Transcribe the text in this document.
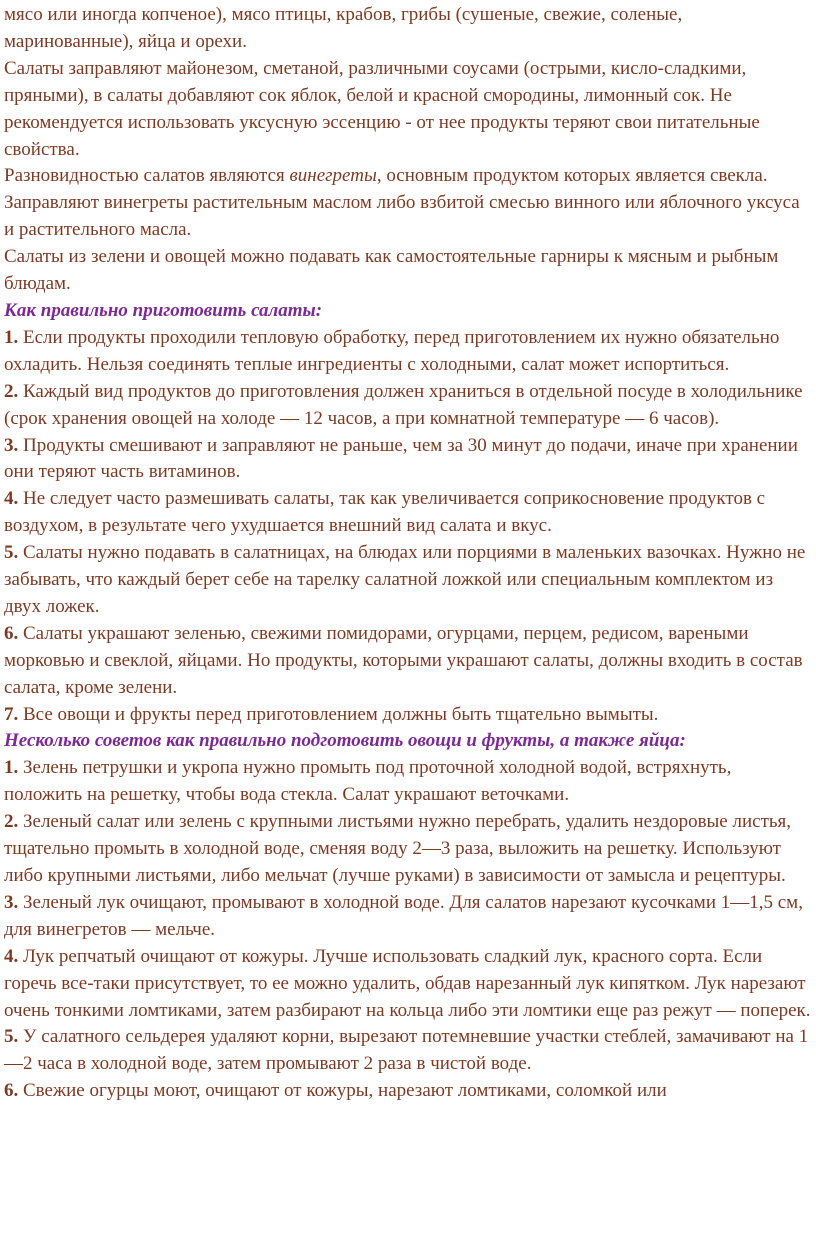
мясо или иногда копченое), мясо птицы, крабов, грибы (сушеные, свежие, соленые, маринованные), яйца и орехи.

Салаты заправляют майонезом, сметаной, различными соусами (острыми, кисло-сладкими, пряными), в салаты добавляют сок яблок, белой и красной смородины, лимонный сок. Не рекомендуется использовать уксусную эссенцию - от нее продукты теряют свои питательные свойства.

Разновидностью салатов являются винегреты, основным продуктом которых является свекла. Заправляют винегреты растительным маслом либо взбитой смесью винного или яблочного уксуса и растительного масла.

Салаты из зелени и овощей можно подавать как самостоятельные гарниры к мясным и рыбным блюдам.

Как правильно приготовить салаты:

1. Если продукты проходили тепловую обработку, перед приготовлением их нужно обязательно охладить. Нельзя соединять теплые ингредиенты с холодными, салат может испортиться.

2. Каждый вид продуктов до приготовления должен храниться в отдельной посуде в холодильнике (срок хранения овощей на холоде — 12 часов, а при комнатной температуре — 6 часов).

3. Продукты смешивают и заправляют не раньше, чем за 30 минут до подачи, иначе при хранении они теряют часть витаминов.

4. Не следует часто размешивать салаты, так как увеличивается соприкосновение продуктов с воздухом, в результате чего ухудшается внешний вид салата и вкус.

5. Салаты нужно подавать в салатницах, на блюдах или порциями в маленьких вазочках. Нужно не забывать, что каждый берет себе на тарелку салатной ложкой или специальным комплектом из двух ложек.

6. Салаты украшают зеленью, свежими помидорами, огурцами, перцем, редисом, вареными морковью и свеклой, яйцами. Но продукты, которыми украшают салаты, должны входить в состав салата, кроме зелени.

7. Все овощи и фрукты перед приготовлением должны быть тщательно вымыты.

Несколько советов как правильно подготовить овощи и фрукты, а также яйца:

1. Зелень петрушки и укропа нужно промыть под проточной холодной водой, встряхнуть, положить на решетку, чтобы вода стекла. Салат украшают веточками.

2. Зеленый салат или зелень с крупными листьями нужно перебрать, удалить нездоровые листья, тщательно промыть в холодной воде, сменяя воду 2—3 раза, выложить на решетку. Используют либо крупными листьями, либо мельчат (лучше руками) в зависимости от замысла и рецептуры.

3. Зеленый лук очищают, промывают в холодной воде. Для салатов нарезают кусочками 1—1,5 см, для винегретов — мельче.

4. Лук репчатый очищают от кожуры. Лучше использовать сладкий лук, красного сорта. Если горечь все-таки присутствует, то ее можно удалить, обдав нарезанный лук кипятком. Лук нарезают очень тонкими ломтиками, затем разбирают на кольца либо эти ломтики еще раз режут — поперек.

5. У салатного сельдерея удаляют корни, вырезают потемневшие участки стеблей, замачивают на 1—2 часа в холодной воде, затем промывают 2 раза в чистой воде.

6. Свежие огурцы моют, очищают от кожуры, нарезают ломтиками, соломкой или
